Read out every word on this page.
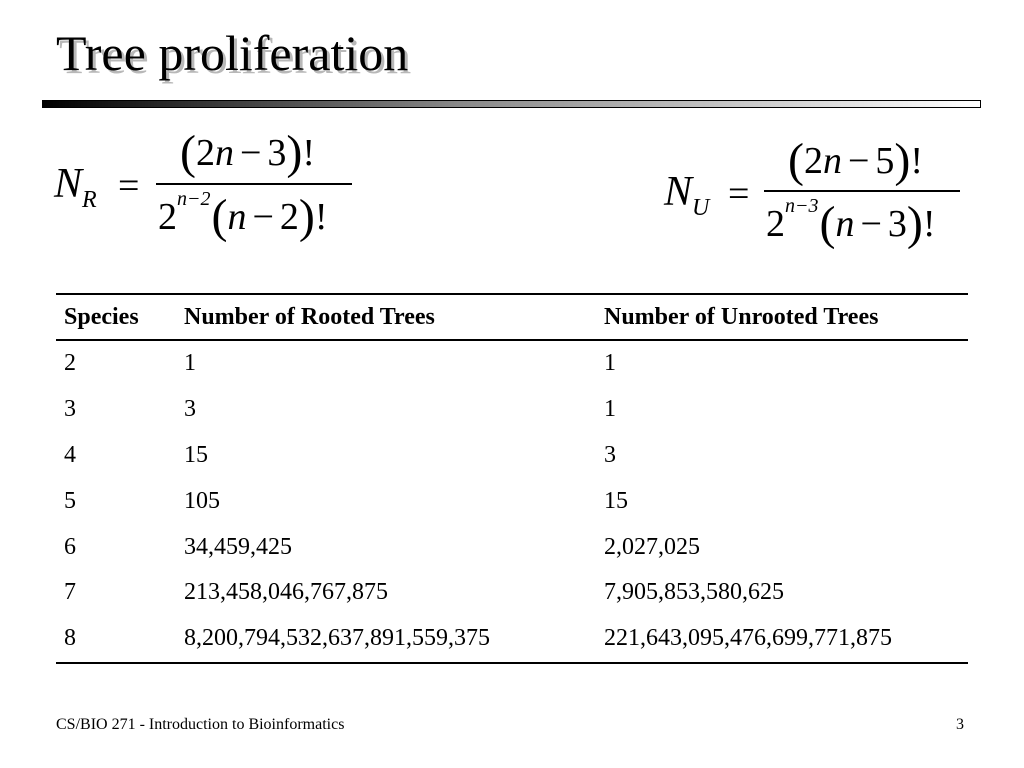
Tree proliferation
$N_R$ =
(2n − 3)!
$2^{n-2}(n - 2)$!
$N_U$ =
(2n − 5)!
$2^{n-3}(n - 3)$!
Species	Number of Rooted Trees	Number of Unrooted Trees
2	1	1
3	3	1
4	15	3
5	105	15
6	34,459,425	2,027,025
7	213,458,046,767,875	7,905,853,580,625
8	8,200,794,532,637,891,559,375	221,643,095,476,699,771,875
CS/BIO 271 - Introduction to Bioinformatics	3
